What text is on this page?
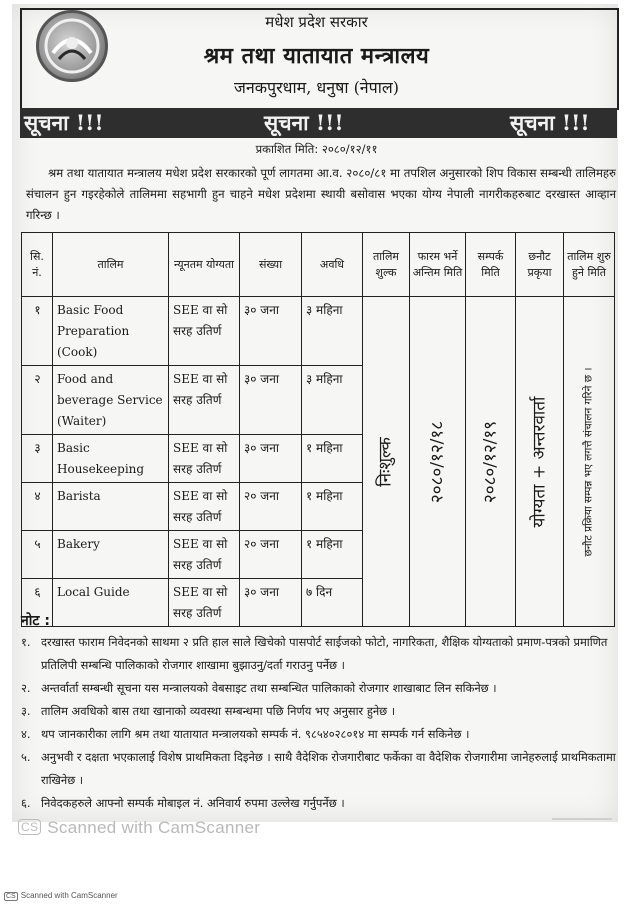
मधेश प्रदेश सरकार
श्रम तथा यातायात मन्त्रालय
जनकपुरधाम, धनुषा (नेपाल)
सूचना !!!	सूचना !!!	सूचना !!!
प्रकाशित मिति: २०८०/१२/११
श्रम तथा यातायात मन्त्रालय मधेश प्रदेश सरकारको पूर्ण लागतमा आ.व. २०८०/८१ मा तपशिल अनुसारको शिप विकास सम्बन्धी तालिमहरु संचालन हुन गइरहेकोले तालिममा सहभागी हुन चाहने मधेश प्रदेशमा स्थायी बसोवास भएका योग्य नेपाली नागरीकहरुबाट दरखास्त आव्हान गरिन्छ ।
सि. नं.	तालिम	न्यूनतम योग्यता	संख्या	अवधि	तालिम शुल्क	फारम भर्ने अन्तिम मिति	सम्पर्क मिति	छनौट प्रकृया	तालिम शुरु हुने मिति
१	Basic Food Preparation (Cook)	SEE वा सो सरह उतिर्ण	३० जना	३ महिना	निःशुल्क	२०८०/१२/१८	२०८०/१२/१९	योग्यता + अन्तरवार्ता	छनौट प्रक्रिया सम्पन्न भए लगत्तै संचालन गरिने छ ।

२	Food and beverage Service (Waiter)	SEE वा सो सरह उतिर्ण	३० जना	३ महिना					
३	Basic Housekeeping	SEE वा सो सरह उतिर्ण	३० जना	१ महिना					
४	Barista	SEE वा सो सरह उतिर्ण	२० जना	१ महिना					
५	Bakery	SEE वा सो सरह उतिर्ण	२० जना	१ महिना					
६	Local Guide	SEE वा सो सरह उतिर्ण	३० जना	७ दिन					
नोट :
१. दरखास्त फाराम निवेदनको साथमा २ प्रति हाल साले खिचेको पासपोर्ट साईजको फोटो, नागरिकता, शैक्षिक योग्यताको प्रमाण-पत्रको प्रमाणित प्रतिलिपी सम्बन्धि पालिकाको रोजगार शाखामा बुझाउनु/दर्ता गराउनु पर्नेछ ।
२. अन्तर्वार्ता सम्बन्धी सूचना यस मन्त्रालयको वेबसाइट तथा सम्बन्धित पालिकाको रोजगार शाखाबाट लिन सकिनेछ ।
३. तालिम अवधिको बास तथा खानाको व्यवस्था सम्बन्धमा पछि निर्णय भए अनुसार हुनेछ ।
४. थप जानकारीका लागि श्रम तथा यातायात मन्त्रालयको सम्पर्क नं. ९८५४०२८०१४ मा सम्पर्क गर्न सकिनेछ ।
५. अनुभवी र दक्षता भएकालाई विशेष प्राथमिकता दिइनेछ । साथै वैदेशिक रोजगारीबाट फर्केका वा वैदेशिक रोजगारीमा जानेहरुलाई प्राथमिकतामा राखिनेछ ।
६. निवेदकहरुले आफ्नो सम्पर्क मोबाइल नं. अनिवार्य रुपमा उल्लेख गर्नुपर्नेछ ।
CS Scanned with CamScanner
CS Scanned with CamScanner
